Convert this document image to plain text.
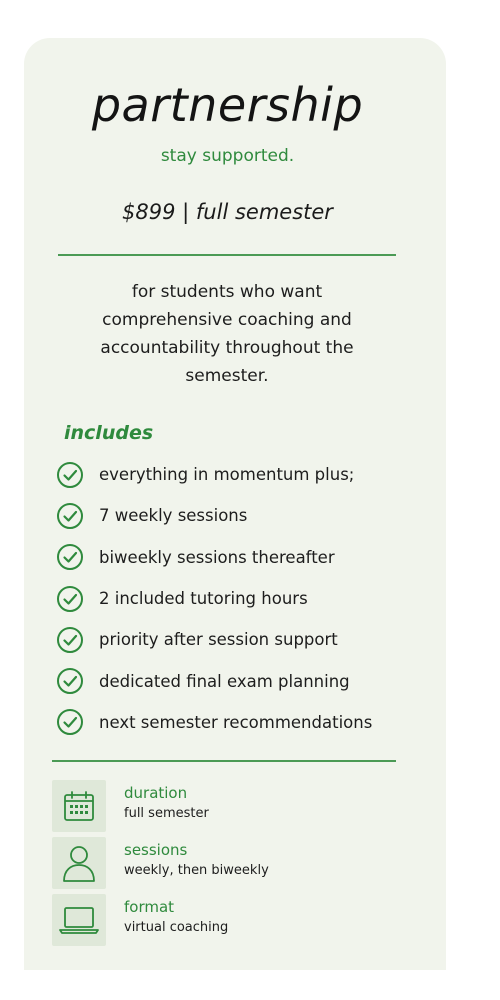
partnership
stay supported.
$899 | full semester
for students who want comprehensive coaching and accountability throughout the semester.
includes
everything in momentum plus;
7 weekly sessions
biweekly sessions thereafter
2 included tutoring hours
priority after session support
dedicated final exam planning
next semester recommendations
duration
full semester
sessions
weekly, then biweekly
format
virtual coaching
